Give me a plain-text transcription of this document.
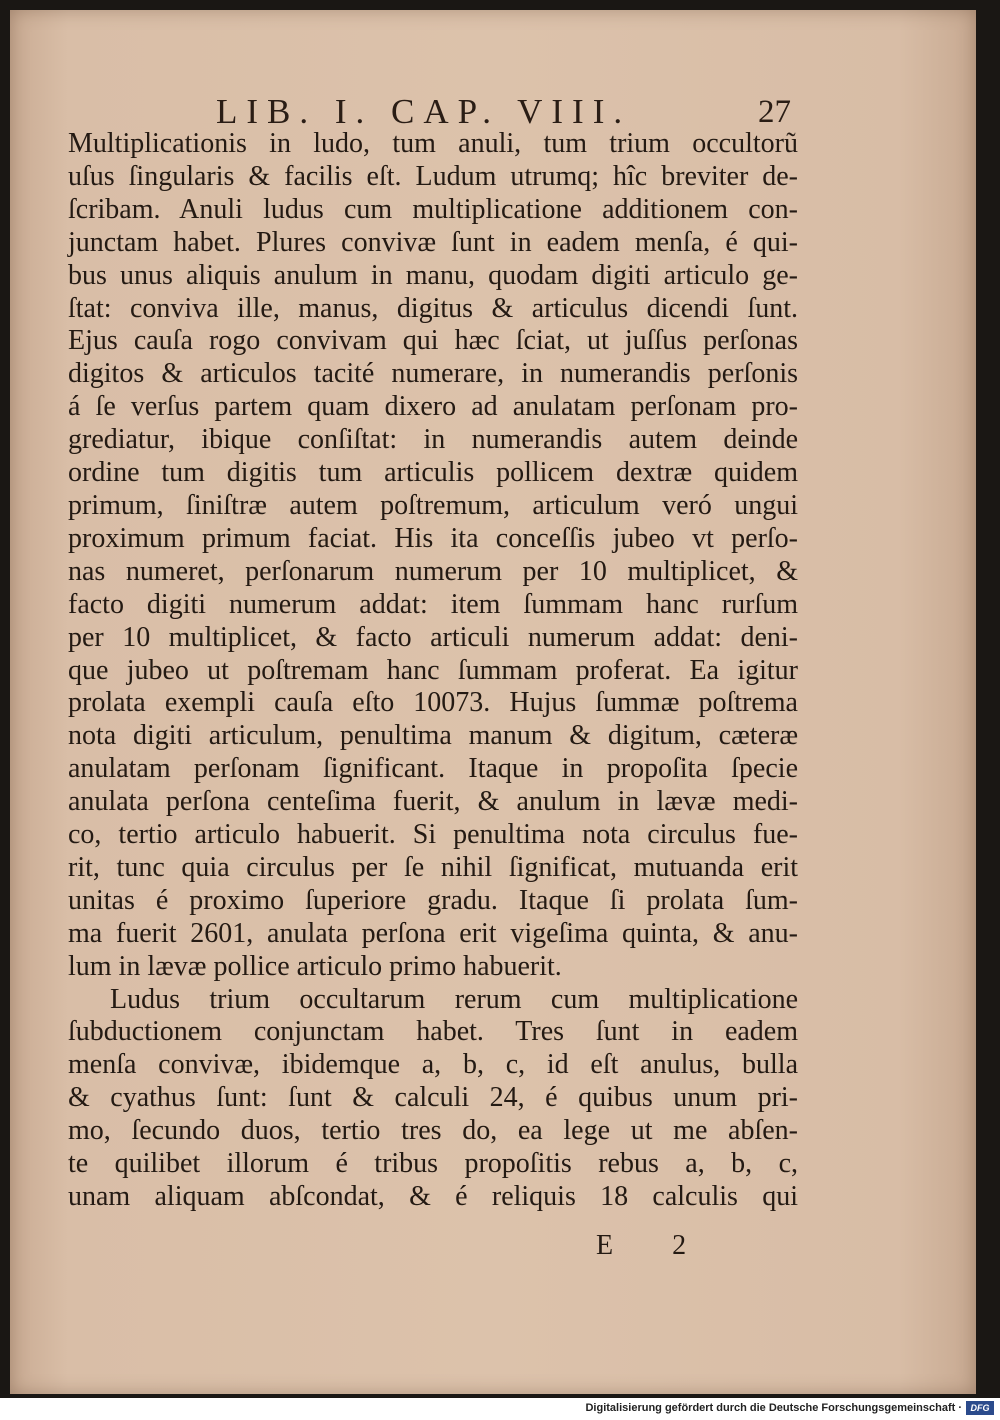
LIB. I. CAP. VIII.	27
Multiplicationis in ludo, tum anuli, tum trium occultorũ
uſus ſingularis & facilis eſt. Ludum utrumq; hîc breviter de-
ſcribam. Anuli ludus cum multiplicatione additionem con-
junctam habet. Plures convivæ ſunt in eadem menſa, é qui-
bus unus aliquis anulum in manu, quodam digiti articulo ge-
ſtat: conviva ille, manus, digitus & articulus dicendi ſunt.
Ejus cauſa rogo convivam qui hæc ſciat, ut juſſus perſonas
digitos & articulos tacité numerare, in numerandis perſonis
á ſe verſus partem quam dixero ad anulatam perſonam pro-
grediatur, ibique conſiſtat: in numerandis autem deinde
ordine tum digitis tum articulis pollicem dextræ quidem
primum, ſiniſtræ autem poſtremum, articulum veró ungui
proximum primum faciat. His ita conceſſis jubeo vt perſo-
nas numeret, perſonarum numerum per 10 multiplicet, &
facto digiti numerum addat: item ſummam hanc rurſum
per 10 multiplicet, & facto articuli numerum addat: deni-
que jubeo ut poſtremam hanc ſummam proferat. Ea igitur
prolata exempli cauſa eſto 10073. Hujus ſummæ poſtrema
nota digiti articulum, penultima manum & digitum, cæteræ
anulatam perſonam ſignificant. Itaque in propoſita ſpecie
anulata perſona centeſima fuerit, & anulum in lævæ medi-
co, tertio articulo habuerit. Si penultima nota circulus fue-
rit, tunc quia circulus per ſe nihil ſignificat, mutuanda erit
unitas é proximo ſuperiore gradu. Itaque ſi prolata ſum-
ma fuerit 2601, anulata perſona erit vigeſima quinta, & anu-
lum in lævæ pollice articulo primo habuerit.
Ludus trium occultarum rerum cum multiplicatione
ſubductionem conjunctam habet. Tres ſunt in eadem
menſa convivæ, ibidemque a, b, c, id eſt anulus, bulla
& cyathus ſunt: ſunt & calculi 24, é quibus unum pri-
mo, ſecundo duos, tertio tres do, ea lege ut me abſen-
te quilibet illorum é tribus propoſitis rebus a, b, c,
unam aliquam abſcondat, & é reliquis 18 calculis qui
E 2
Digitalisierung gefördert durch die Deutsche Forschungsgemeinschaft · DFG
